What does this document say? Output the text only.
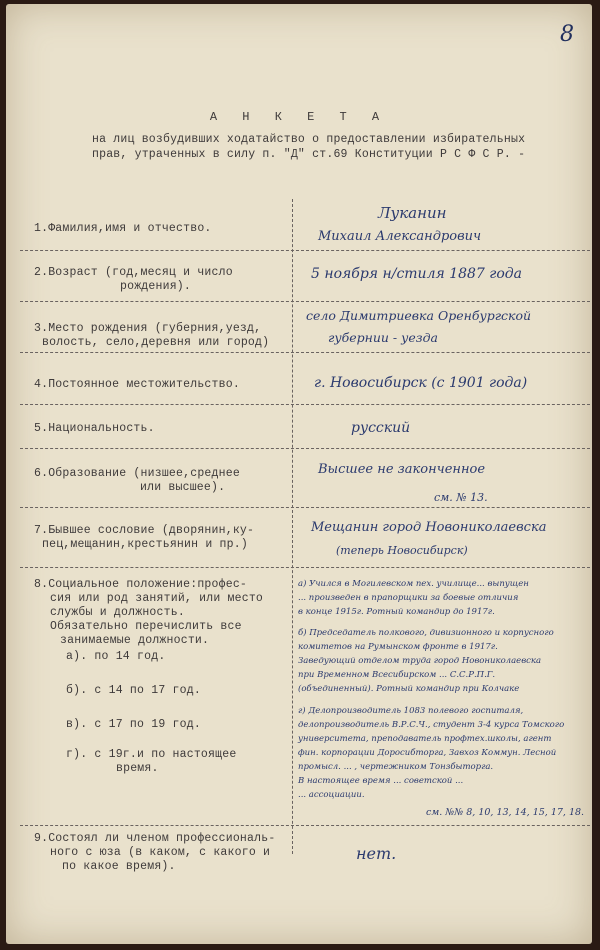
8
А Н К Е Т А
на лиц возбудивших ходатайство о предоставлении избирательных
прав, утраченных в силу п. "Д" ст.69 Конституции Р С Ф С Р. -
1.Фамилия,имя и отчество.
Луканин
Михаил Александрович
2.Возраст (год,месяц и число
рождения).
5 ноября н/стиля 1887 года
3.Место рождения (губерния,уезд,
волость, село,деревня или город)
село Димитриевка Оренбургской
губернии - уезда
4.Постоянное местожительство.	г. Новосибирск (с 1901 года)
5.Национальность.	русский
6.Образование (низшее,среднее
или высшее).
Высшее не законченное
см. № 13.
7.Бывшее сословие (дворянин,ку-
пец,мещанин,крестьянин и пр.)
Мещанин город Новониколаевска
(теперь Новосибирск)
8.Социальное положение:профес-
сия или род занятий, или место
службы и должность.
Обязательно перечислить все
занимаемые должности.
а). по 14 год.
б). с 14 по 17 год.
в). с 17 по 19 год.
г). с 19г.и по настоящее
время.
а) Учился в Могилевском пех. училище... выпущен
... произведен в прапорщики за боевые отличия
в конце 1915г. Ротный командир до 1917г.
б) Председатель полкового, дивизионного и корпусного
комитетов на Румынском фронте в 1917г.
Заведующий отделом труда город Новониколаевска
при Временном Всесибирском ... С.С.Р.П.Г.
(объединенный). Ротный командир при Колчаке
г) Делопроизводитель 1083 полевого госпиталя,
делопроизводитель В.Р.С.Ч., студент 3-4 курса Томского
университета, преподаватель профтех.школы, агент
фин. корпорации Доросибторга, Завхоз Коммун. Лесной
промысл. ... , чертежником Тонзбыторга.
В настоящее время ... советской ...
... ассоциации.
см. №№ 8, 10, 13, 14, 15, 17, 18.
9.Состоял ли членом профессиональ-
ного с юза (в каком, с какого и
по какое время).
нет.
